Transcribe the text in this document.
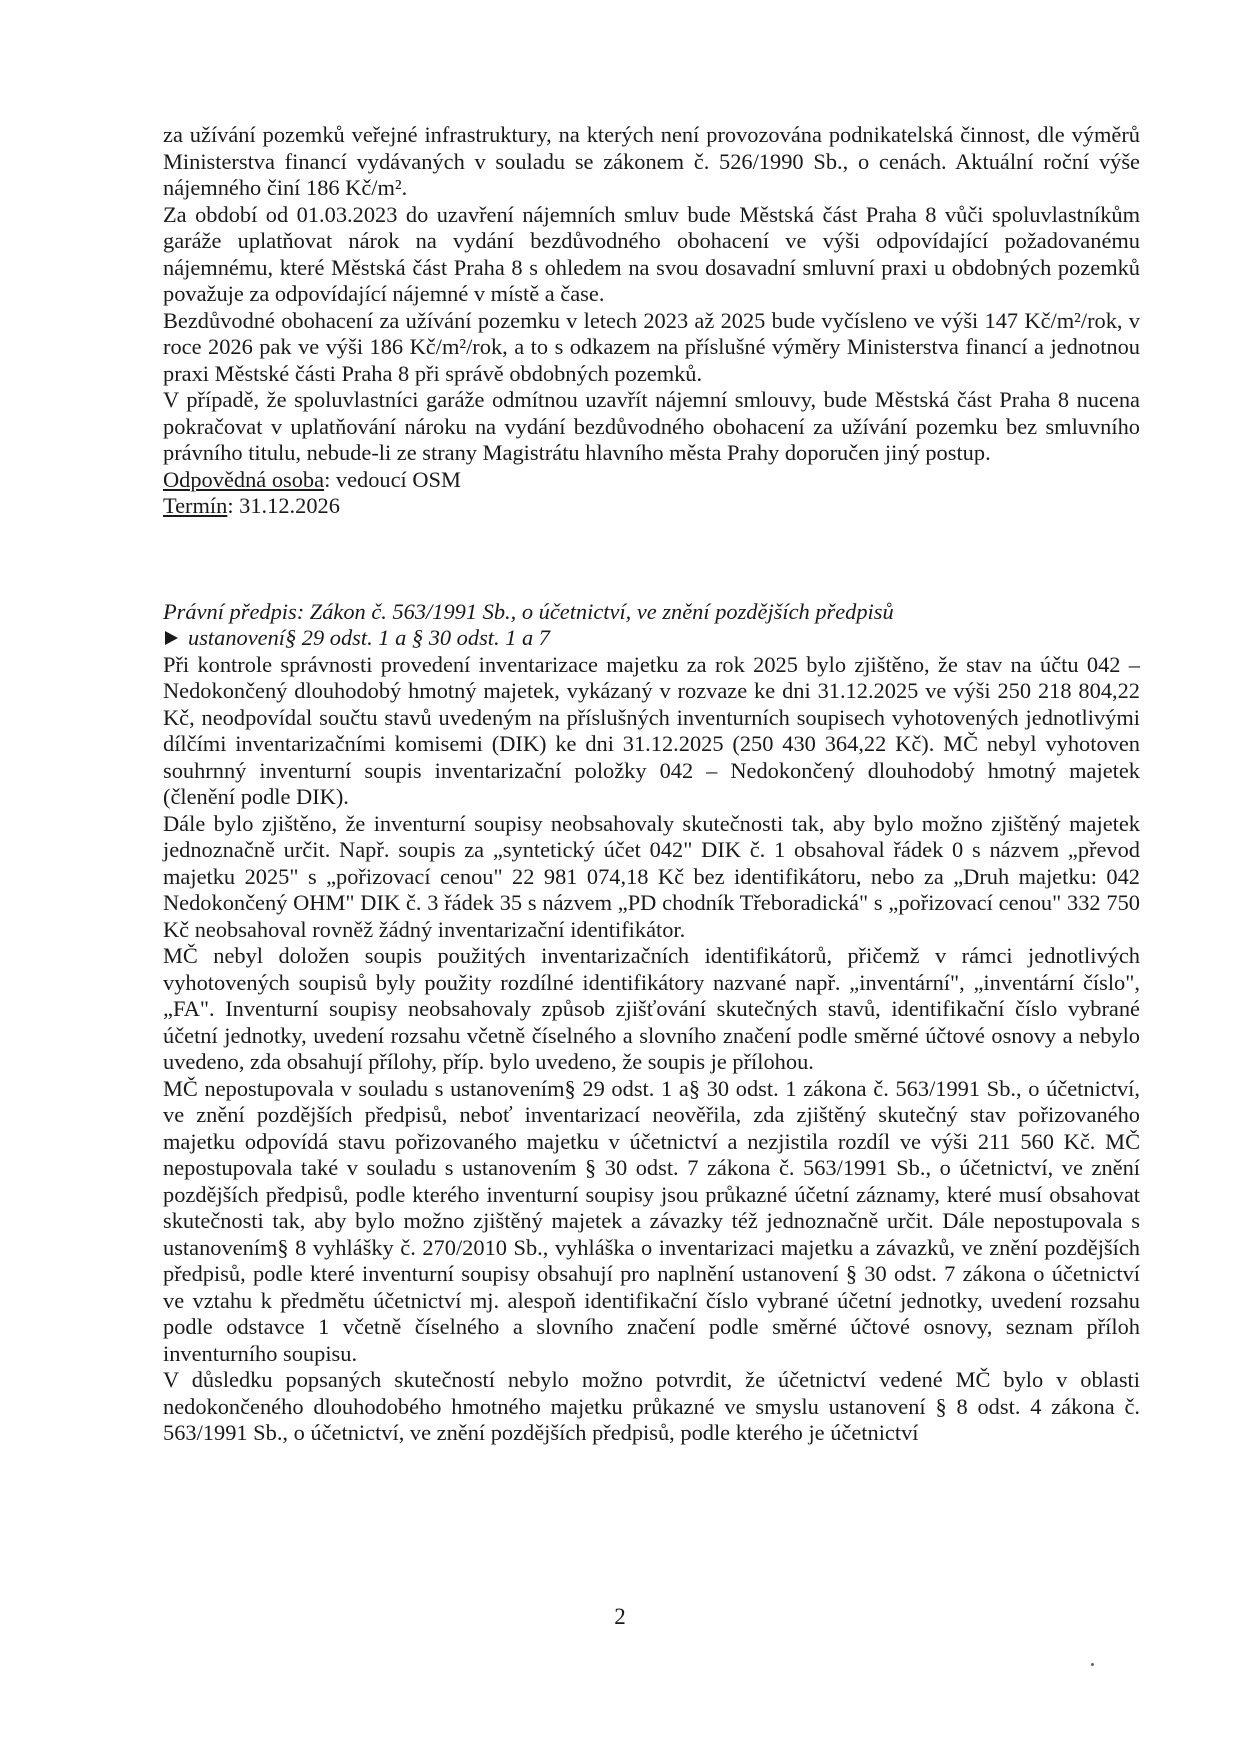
za užívání pozemků veřejné infrastruktury, na kterých není provozována podnikatelská činnost, dle výměrů Ministerstva financí vydávaných v souladu se zákonem č. 526/1990 Sb., o cenách. Aktuální roční výše nájemného činí 186 Kč/m².

Za období od 01.03.2023 do uzavření nájemních smluv bude Městská část Praha 8 vůči spoluvlastníkům garáže uplatňovat nárok na vydání bezdůvodného obohacení ve výši odpovídající požadovanému nájemnému, které Městská část Praha 8 s ohledem na svou dosavadní smluvní praxi u obdobných pozemků považuje za odpovídající nájemné v místě a čase.

Bezdůvodné obohacení za užívání pozemku v letech 2023 až 2025 bude vyčísleno ve výši 147 Kč/m²/rok, v roce 2026 pak ve výši 186 Kč/m²/rok, a to s odkazem na příslušné výměry Ministerstva financí a jednotnou praxi Městské části Praha 8 při správě obdobných pozemků.

V případě, že spoluvlastníci garáže odmítnou uzavřít nájemní smlouvy, bude Městská část Praha 8 nucena pokračovat v uplatňování nároku na vydání bezdůvodného obohacení za užívání pozemku bez smluvního právního titulu, nebude-li ze strany Magistrátu hlavního města Prahy doporučen jiný postup.

Odpovědná osoba: vedoucí OSM

Termín: 31.12.2026

Právní předpis: Zákon č. 563/1991 Sb., o účetnictví, ve znění pozdějších předpisů

ustanovení§ 29 odst. 1 a § 30 odst. 1 a 7

Při kontrole správnosti provedení inventarizace majetku za rok 2025 bylo zjištěno, že stav na účtu 042 – Nedokončený dlouhodobý hmotný majetek, vykázaný v rozvaze ke dni 31.12.2025 ve výši 250 218 804,22 Kč, neodpovídal součtu stavů uvedeným na příslušných inventurních soupisech vyhotovených jednotlivými dílčími inventarizačními komisemi (DIK) ke dni 31.12.2025 (250 430 364,22 Kč). MČ nebyl vyhotoven souhrnný inventurní soupis inventarizační položky 042 – Nedokončený dlouhodobý hmotný majetek (členění podle DIK).

Dále bylo zjištěno, že inventurní soupisy neobsahovaly skutečnosti tak, aby bylo možno zjištěný majetek jednoznačně určit. Např. soupis za „syntetický účet 042" DIK č. 1 obsahoval řádek 0 s názvem „převod majetku 2025" s „pořizovací cenou" 22 981 074,18 Kč bez identifikátoru, nebo za „Druh majetku: 042 Nedokončený OHM" DIK č. 3 řádek 35 s názvem „PD chodník Třeboradická" s „pořizovací cenou" 332 750 Kč neobsahoval rovněž žádný inventarizační identifikátor.

MČ nebyl doložen soupis použitých inventarizačních identifikátorů, přičemž v rámci jednotlivých vyhotovených soupisů byly použity rozdílné identifikátory nazvané např. „inventární", „inventární číslo", „FA". Inventurní soupisy neobsahovaly způsob zjišťování skutečných stavů, identifikační číslo vybrané účetní jednotky, uvedení rozsahu včetně číselného a slovního značení podle směrné účtové osnovy a nebylo uvedeno, zda obsahují přílohy, příp. bylo uvedeno, že soupis je přílohou.

MČ nepostupovala v souladu s ustanovením§ 29 odst. 1 a§ 30 odst. 1 zákona č. 563/1991 Sb., o účetnictví, ve znění pozdějších předpisů, neboť inventarizací neověřila, zda zjištěný skutečný stav pořizovaného majetku odpovídá stavu pořizovaného majetku v účetnictví a nezjistila rozdíl ve výši 211 560 Kč. MČ nepostupovala také v souladu s ustanovením § 30 odst. 7 zákona č. 563/1991 Sb., o účetnictví, ve znění pozdějších předpisů, podle kterého inventurní soupisy jsou průkazné účetní záznamy, které musí obsahovat skutečnosti tak, aby bylo možno zjištěný majetek a závazky též jednoznačně určit. Dále nepostupovala s ustanovením§ 8 vyhlášky č. 270/2010 Sb., vyhláška o inventarizaci majetku a závazků, ve znění pozdějších předpisů, podle které inventurní soupisy obsahují pro naplnění ustanovení § 30 odst. 7 zákona o účetnictví ve vztahu k předmětu účetnictví mj. alespoň identifikační číslo vybrané účetní jednotky, uvedení rozsahu podle odstavce 1 včetně číselného a slovního značení podle směrné účtové osnovy, seznam příloh inventurního soupisu.

V důsledku popsaných skutečností nebylo možno potvrdit, že účetnictví vedené MČ bylo v oblasti nedokončeného dlouhodobého hmotného majetku průkazné ve smyslu ustanovení § 8 odst. 4 zákona č. 563/1991 Sb., o účetnictví, ve znění pozdějších předpisů, podle kterého je účetnictví

2
